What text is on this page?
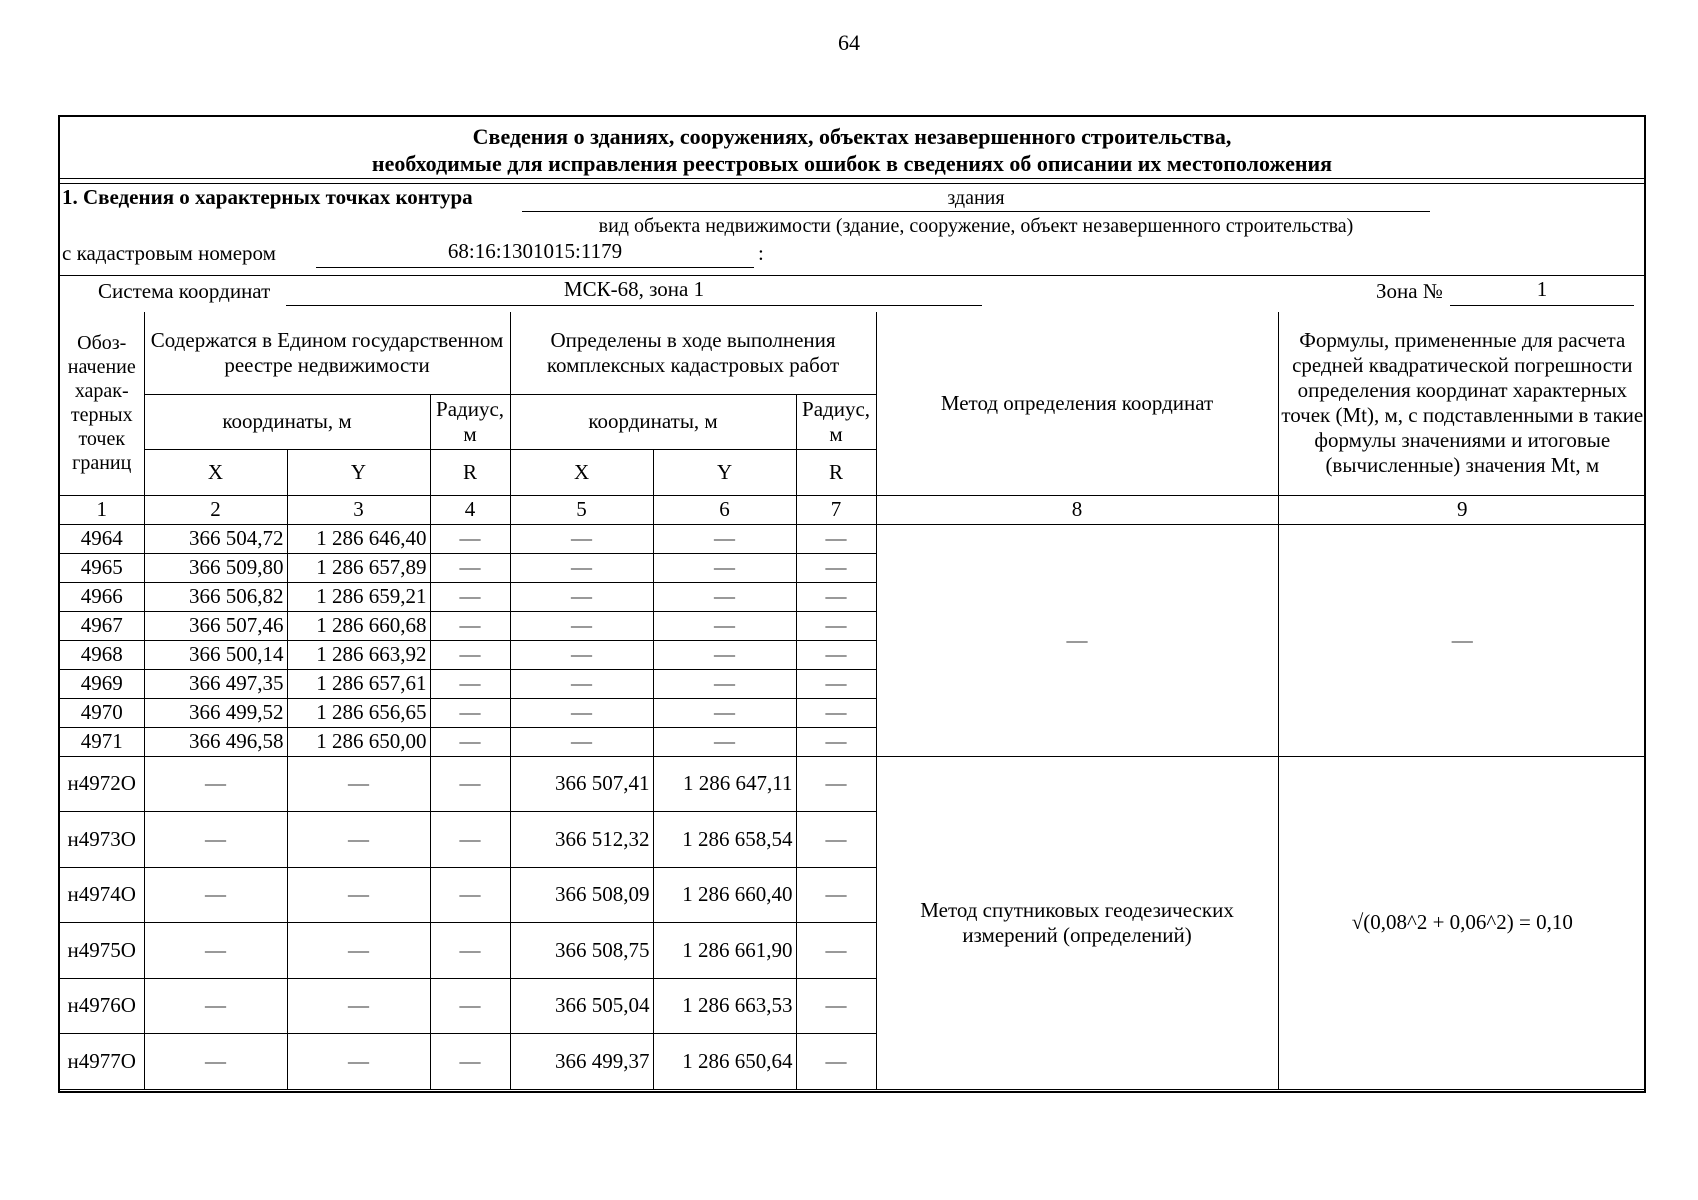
64
Сведения о зданиях, сооружениях, объектах незавершенного строительства,
необходимые для исправления реестровых ошибок в сведениях об описании их местоположения
1. Сведения о характерных точках контура	здания
вид объекта недвижимости (здание, сооружение, объект незавершенного строительства)
с кадастровым номером	68:16:1301015:1179	:
Система координат	МСК-68, зона 1	Зона №	1
Обоз-начение харак-терных точек границ	Содержатся в Едином государственном реестре недвижимости			Определены в ходе выполнения комплексных кадастровых работ			Метод определения координат	Формулы, примененные для расчета средней квадратической погрешности определения координат характерных точек (Mt), м, с подставленными в такие формулы значениями и итоговые (вычисленные) значения Mt, м
	координаты, м		Радиус, м	координаты, м		Радиус, м		
	X	Y	R	X	Y	R		
1	2	3	4	5	6	7	8	9
4964	366 504,72	1 286 646,40	—	—	—	—	—	—
4965	366 509,80	1 286 657,89	—	—	—	—		
4966	366 506,82	1 286 659,21	—	—	—	—		
4967	366 507,46	1 286 660,68	—	—	—	—		
4968	366 500,14	1 286 663,92	—	—	—	—		
4969	366 497,35	1 286 657,61	—	—	—	—		
4970	366 499,52	1 286 656,65	—	—	—	—		
4971	366 496,58	1 286 650,00	—	—	—	—		
н4972О	—	—	—	366 507,41	1 286 647,11	—	Метод спутниковых геодезических измерений (определений)	√(0,08^2 + 0,06^2) = 0,10
н4973О	—	—	—	366 512,32	1 286 658,54	—		
н4974О	—	—	—	366 508,09	1 286 660,40	—		
н4975О	—	—	—	366 508,75	1 286 661,90	—		
н4976О	—	—	—	366 505,04	1 286 663,53	—		
н4977О	—	—	—	366 499,37	1 286 650,64	—		
